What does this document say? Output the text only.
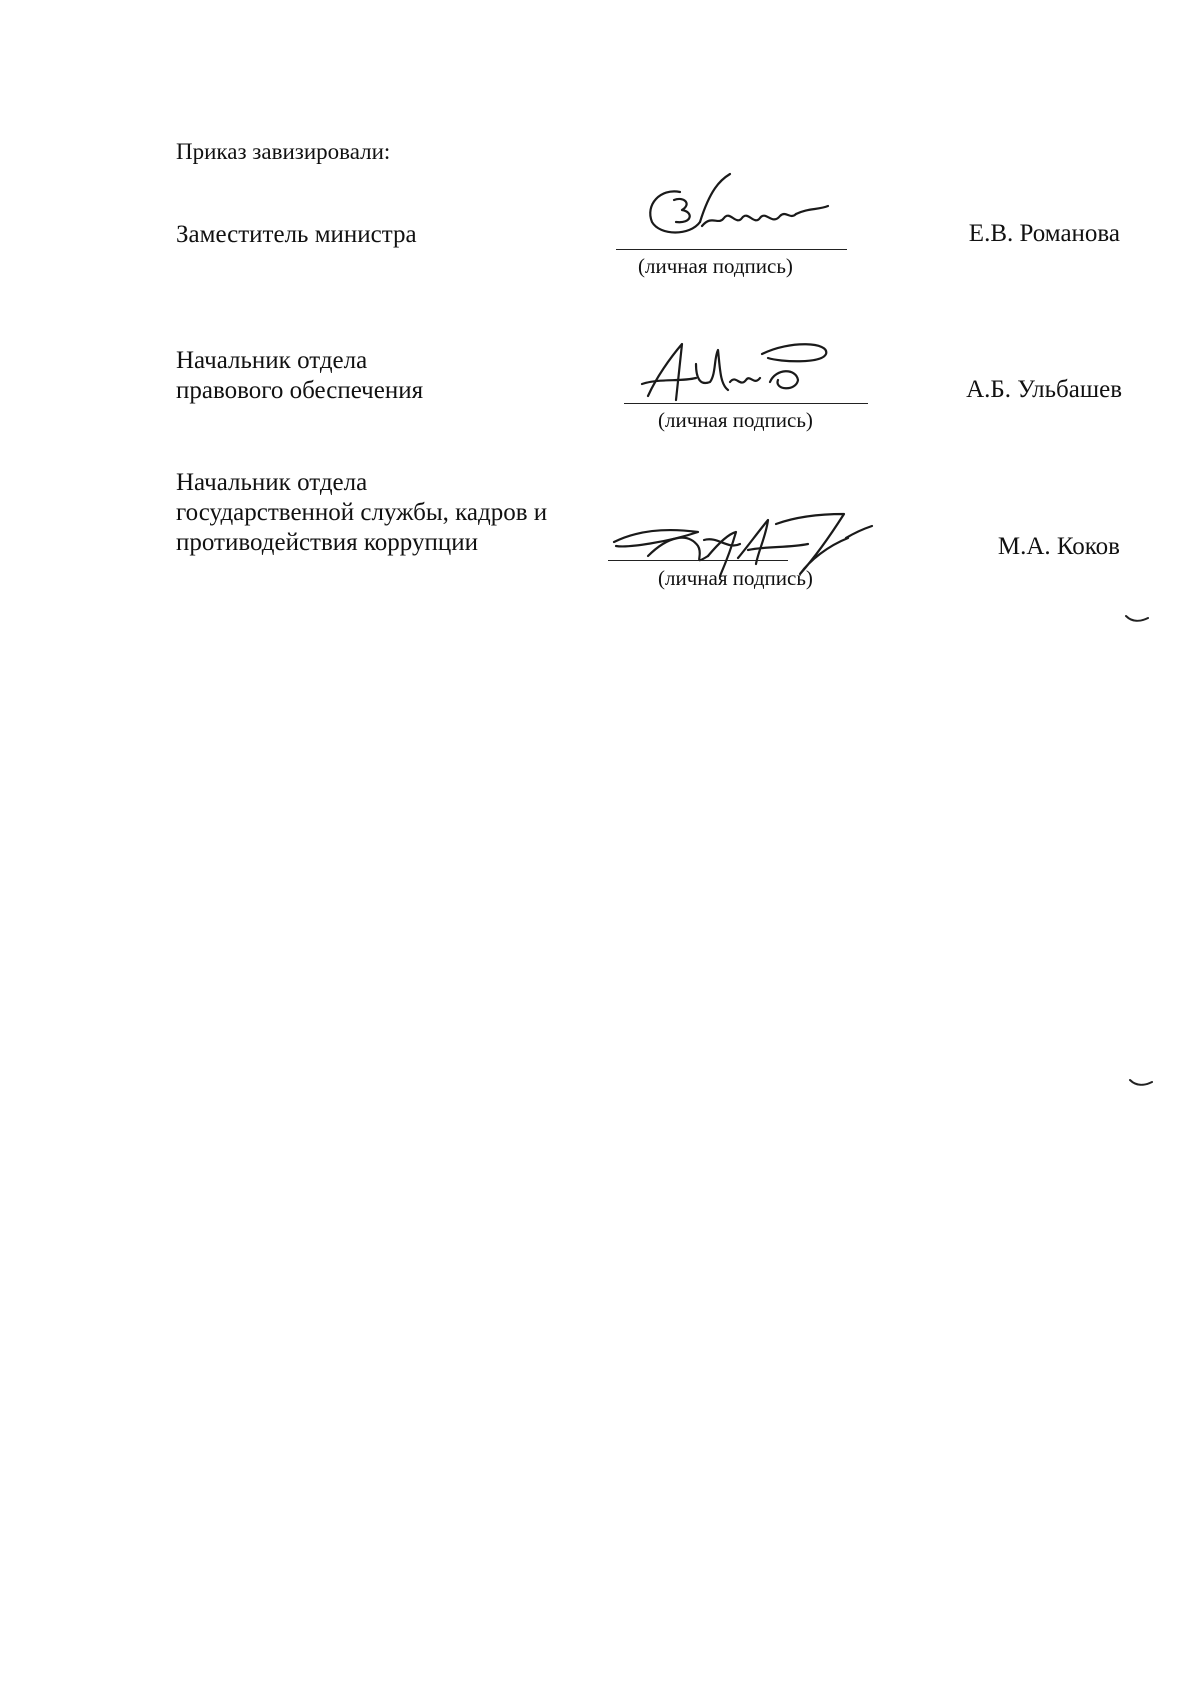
Приказ завизировали:
Заместитель министра
(личная подпись)
Е.В. Романова
Начальник отдела
правового обеспечения
(личная подпись)
А.Б. Ульбашев
Начальник отдела
государственной службы, кадров и
противодействия коррупции
(личная подпись)
М.А. Коков
